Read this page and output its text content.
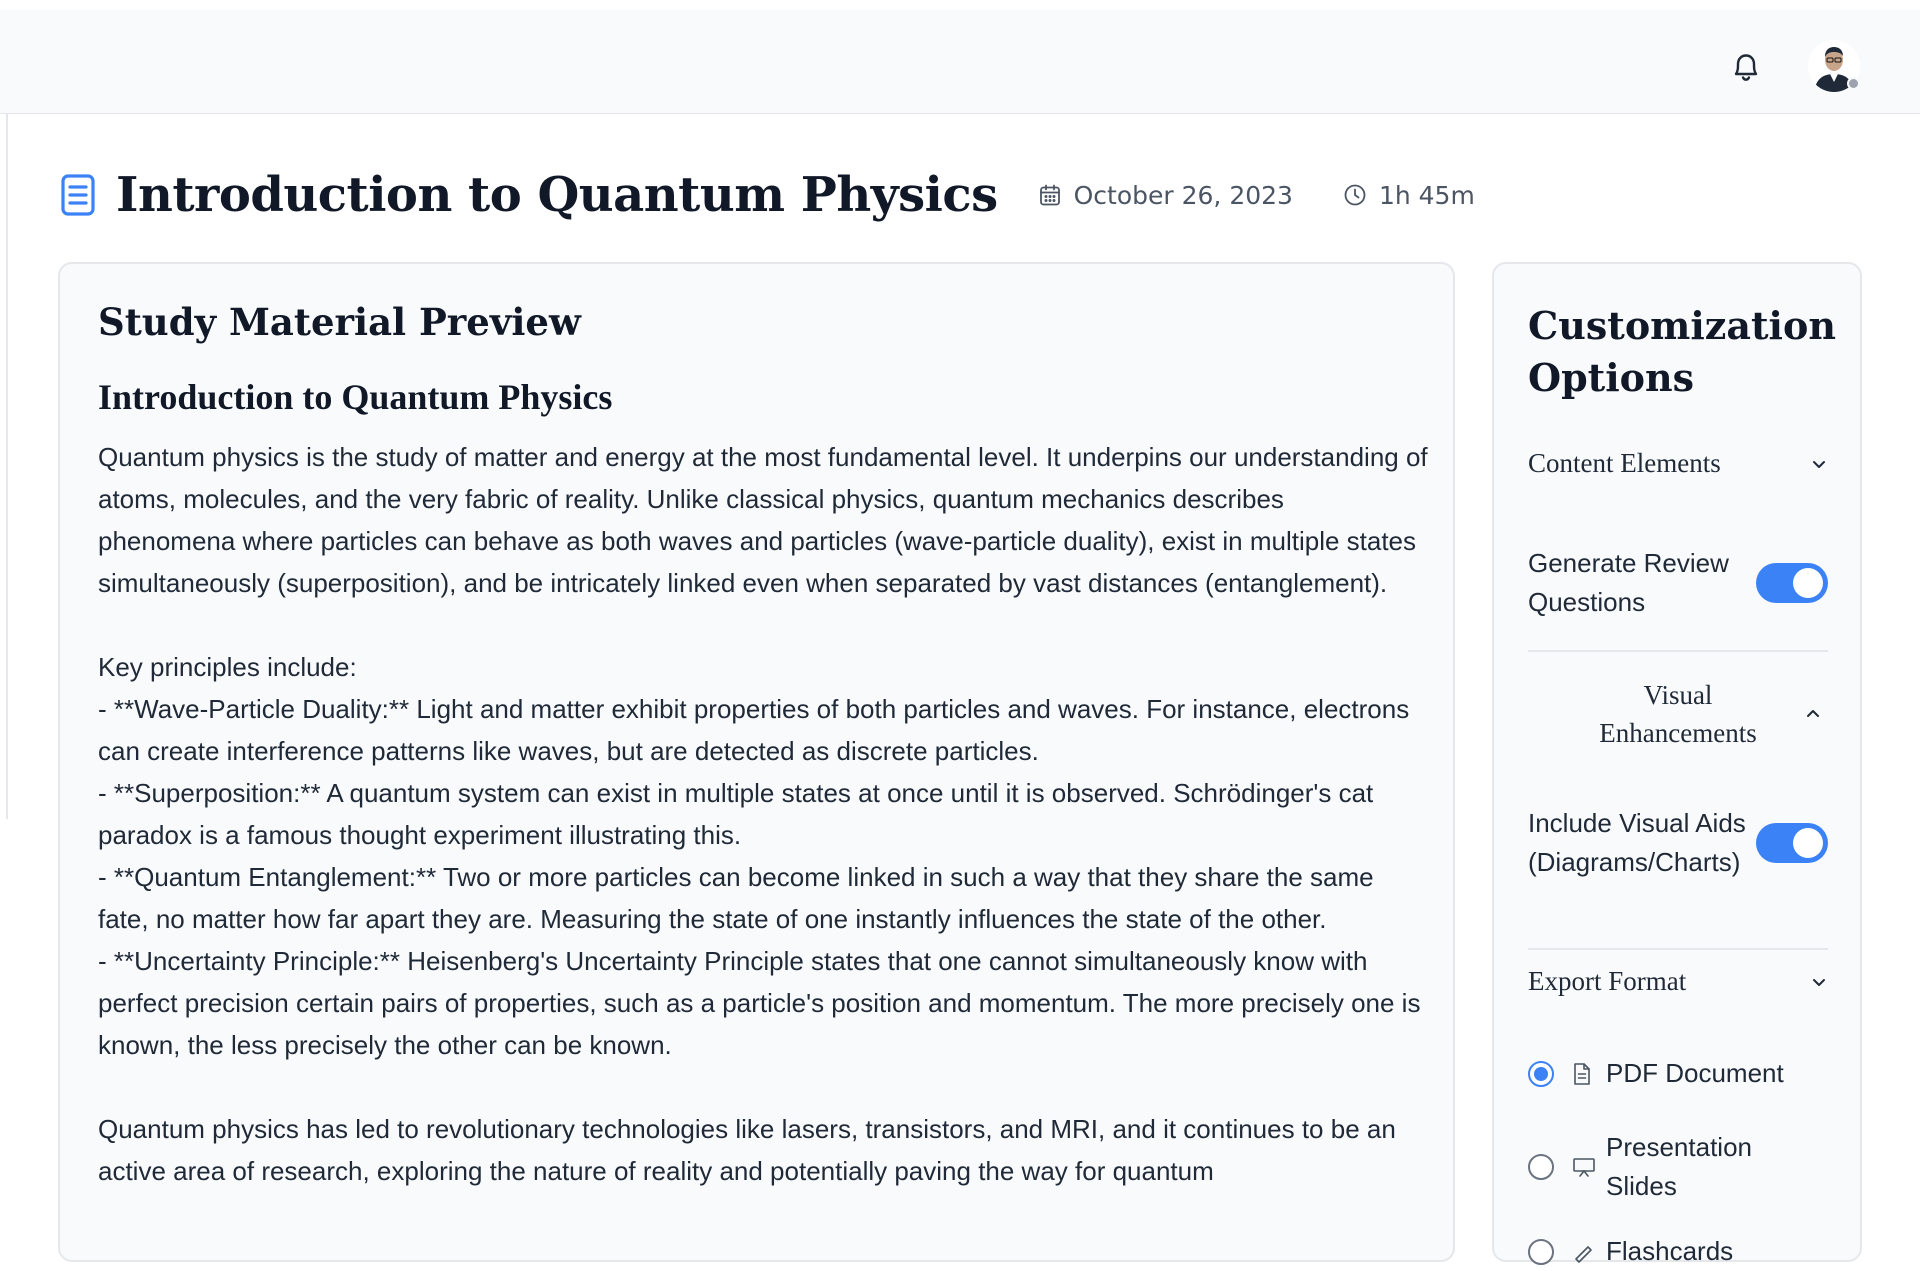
Introduction to Quantum Physics	October 26, 2023	1h 45m
Study Material Preview
Introduction to Quantum Physics
Quantum physics is the study of matter and energy at the most fundamental level. It underpins our understanding of atoms, molecules, and the very fabric of reality. Unlike classical physics, quantum mechanics describes phenomena where particles can behave as both waves and particles (wave-particle duality), exist in multiple states simultaneously (superposition), and be intricately linked even when separated by vast distances (entanglement).

Key principles include:
- **Wave-Particle Duality:** Light and matter exhibit properties of both particles and waves. For instance, electrons can create interference patterns like waves, but are detected as discrete particles.
- **Superposition:** A quantum system can exist in multiple states at once until it is observed. Schrödinger's cat paradox is a famous thought experiment illustrating this.
- **Quantum Entanglement:** Two or more particles can become linked in such a way that they share the same fate, no matter how far apart they are. Measuring the state of one instantly influences the state of the other.
- **Uncertainty Principle:** Heisenberg's Uncertainty Principle states that one cannot simultaneously know with perfect precision certain pairs of properties, such as a particle's position and momentum. The more precisely one is known, the less precisely the other can be known.

Quantum physics has led to revolutionary technologies like lasers, transistors, and MRI, and it continues to be an active area of research, exploring the nature of reality and potentially paving the way for quantum
Customization Options
Content Elements
Generate Review Questions
Visual Enhancements
Include Visual Aids (Diagrams/Charts)
Export Format
PDF Document
Presentation Slides
Flashcards
